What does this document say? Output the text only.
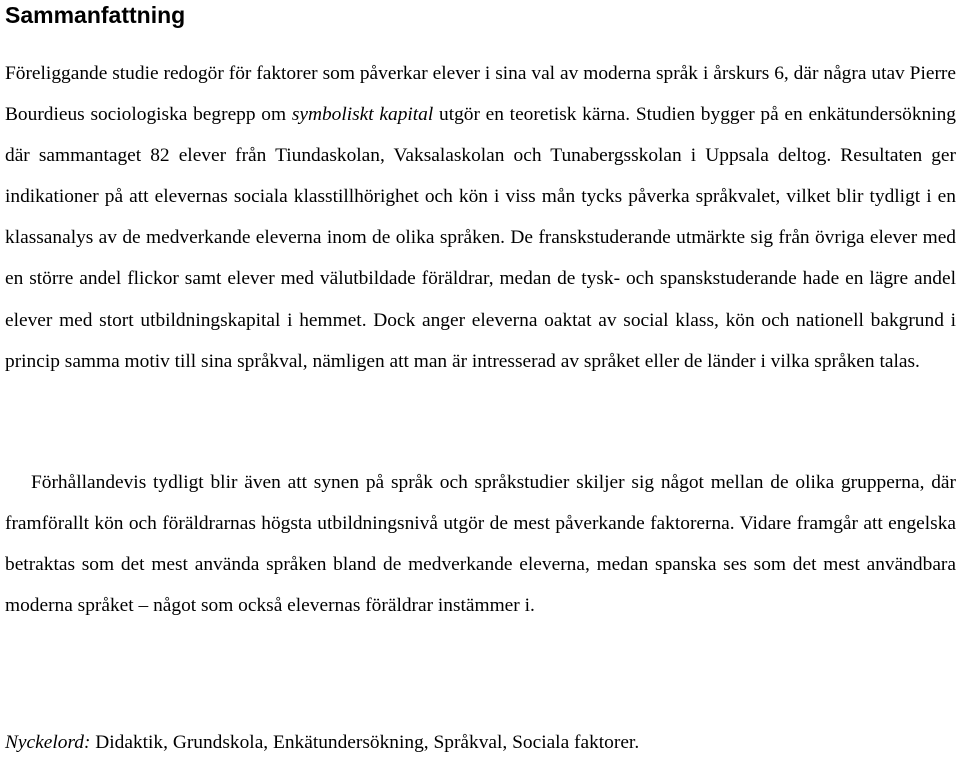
Sammanfattning

Föreliggande studie redogör för faktorer som påverkar elever i sina val av moderna språk i årskurs 6, där några utav Pierre Bourdieus sociologiska begrepp om symboliskt kapital utgör en teoretisk kärna. Studien bygger på en enkätundersökning där sammantaget 82 elever från Tiundaskolan, Vaksalaskolan och Tunabergsskolan i Uppsala deltog. Resultaten ger indikationer på att elevernas sociala klasstillhörighet och kön i viss mån tycks påverka språkvalet, vilket blir tydligt i en klassanalys av de medverkande eleverna inom de olika språken. De franskstuderande utmärkte sig från övriga elever med en större andel flickor samt elever med välutbildade föräldrar, medan de tysk- och spanskstuderande hade en lägre andel elever med stort utbildningskapital i hemmet. Dock anger eleverna oaktat av social klass, kön och nationell bakgrund i princip samma motiv till sina språkval, nämligen att man är intresserad av språket eller de länder i vilka språken talas.

Förhållandevis tydligt blir även att synen på språk och språkstudier skiljer sig något mellan de olika grupperna, där framförallt kön och föräldrarnas högsta utbildningsnivå utgör de mest påverkande faktorerna. Vidare framgår att engelska betraktas som det mest använda språken bland de medverkande eleverna, medan spanska ses som det mest användbara moderna språket – något som också elevernas föräldrar instämmer i.

Nyckelord: Didaktik, Grundskola, Enkätundersökning, Språkval, Sociala faktorer.
